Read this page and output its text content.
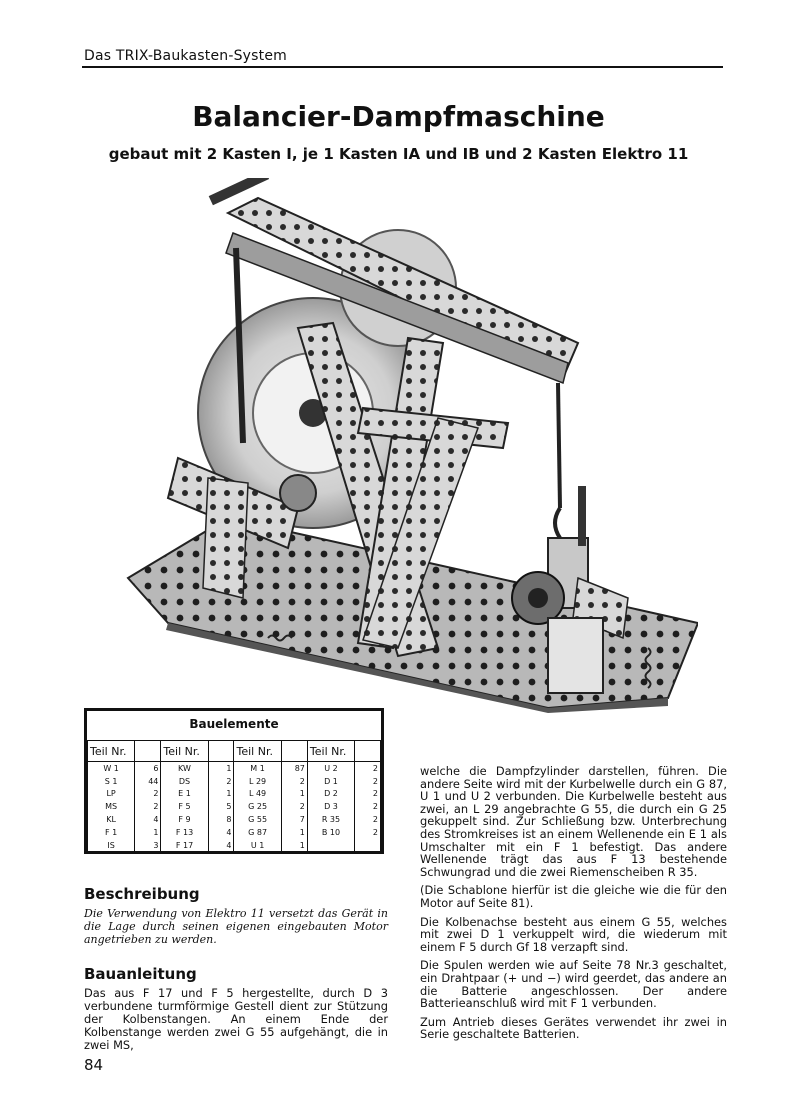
Das TRIX-Baukasten-System
Balancier-Dampfmaschine
gebaut mit 2 Kasten I, je 1 Kasten IA und IB und 2 Kasten Elektro 11
Bauelemente
Teil Nr.		Teil Nr.		Teil Nr.		Teil Nr.	
W 1	6	KW	1	M 1	87	U 2	2
S 1	44	DS	2	L 29	2	D 1	2
LP	2	E 1	1	L 49	1	D 2	2
MS	2	F 5	5	G 25	2	D 3	2
KL	4	F 9	8	G 55	7	R 35	2
F 1	1	F 13	4	G 87	1	B 10	2
IS	3	F 17	4	U 1	1		
Beschreibung
Die Verwendung von Elektro 11 versetzt das Gerät in die Lage durch seinen eigenen eingebauten Motor angetrieben zu werden.
Bauanleitung
Das aus F 17 und F 5 hergestellte, durch D 3 verbundene turmförmige Gestell dient zur Stützung der Kolbenstangen. An einem Ende der Kolbenstange werden zwei G 55 aufgehängt, die in zwei MS,

welche die Dampfzylinder darstellen, führen. Die andere Seite wird mit der Kurbelwelle durch ein G 87, U 1 und U 2 verbunden. Die Kurbelwelle besteht aus zwei, an L 29 angebrachte G 55, die durch ein G 25 gekuppelt sind. Zur Schließung bzw. Unterbrechung des Stromkreises ist an einem Wellenende ein E 1 als Umschalter mit ein F 1 befestigt. Das andere Wellenende trägt das aus F 13 bestehende Schwungrad und die zwei Riemenscheiben R 35.

(Die Schablone hierfür ist die gleiche wie die für den Motor auf Seite 81).

Die Kolbenachse besteht aus einem G 55, welches mit zwei D 1 verkuppelt wird, die wiederum mit einem F 5 durch Gf 18 verzapft sind.

Die Spulen werden wie auf Seite 78 Nr.3 geschaltet, ein Drahtpaar (+ und −) wird geerdet, das andere an die Batterie angeschlossen. Der andere Batterieanschluß wird mit F 1 verbunden.

Zum Antrieb dieses Gerätes verwendet ihr zwei in Serie geschaltete Batterien.

84
